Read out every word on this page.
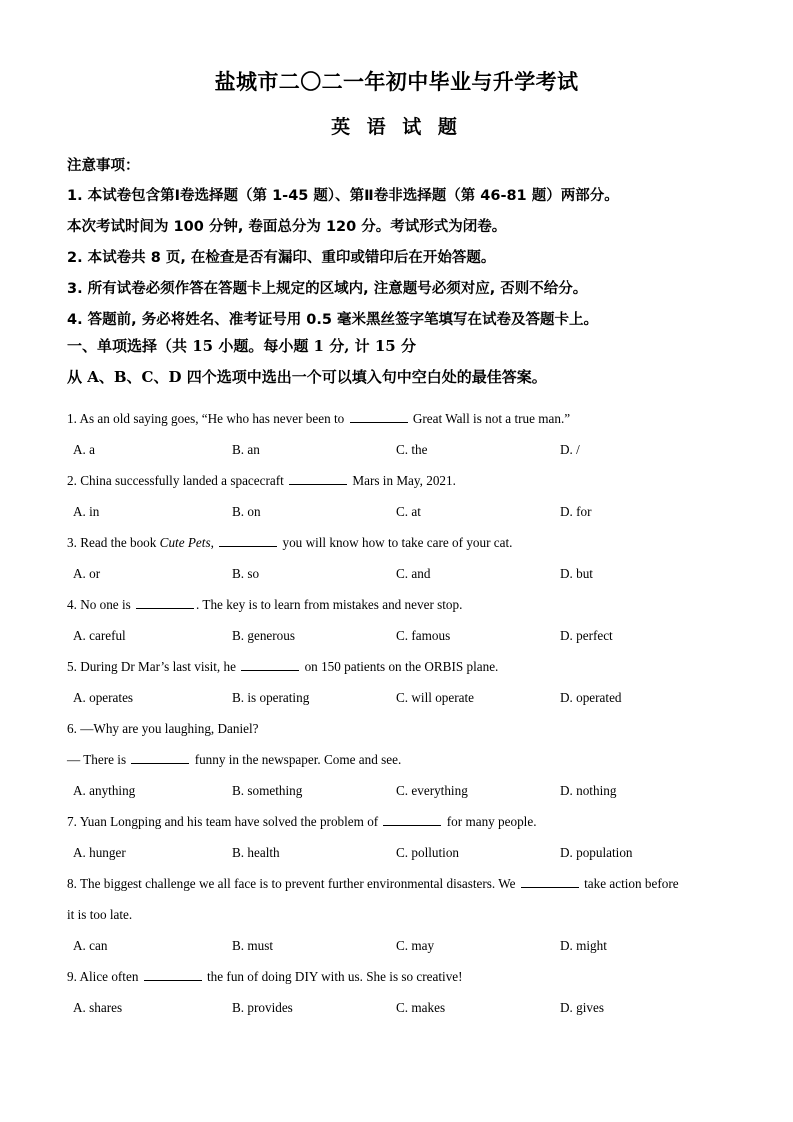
盐城市二〇二一年初中毕业与升学考试
英 语 试 题
注意事项：
1. 本试卷包含第Ⅰ卷选择题（第 1-45 题）、第Ⅱ卷非选择题（第 46-81 题）两部分。
本次考试时间为 100 分钟, 卷面总分为 120 分。考试形式为闭卷。
2. 本试卷共 8 页, 在检查是否有漏印、重印或错印后在开始答题。
3. 所有试卷必须作答在答题卡上规定的区域内, 注意题号必须对应, 否则不给分。
4. 答题前, 务必将姓名、准考证号用 0.5 毫米黑丝签字笔填写在试卷及答题卡上。
一、单项选择（共 15 小题。每小题 1 分, 计 15 分
从 A、B、C、D 四个选项中选出一个可以填入句中空白处的最佳答案。
1. As an old saying goes, “He who has never been to	Great Wall is not a true man.”
A. a	B. an	C. the	D. /
2. China successfully landed a spacecraft	Mars in May, 2021.
A. in	B. on	C. at	D. for
3. Read the book Cute Pets,	you will know how to take care of your cat.
A. or	B. so	C. and	D. but
4. No one is	. The key is to learn from mistakes and never stop.
A. careful	B. generous	C. famous	D. perfect
5. During Dr Mar’s last visit, he	on 150 patients on the ORBIS plane.
A. operates	B. is operating	C. will operate	D. operated
6. —Why are you laughing, Daniel?
— There is	funny in the newspaper. Come and see.
A. anything	B. something	C. everything	D. nothing
7. Yuan Longping and his team have solved the problem of	for many people.
A. hunger	B. health	C. pollution	D. population
8. The biggest challenge we all face is to prevent further environmental disasters. We	take action before
it is too late.
A. can	B. must	C. may	D. might
9. Alice often	the fun of doing DIY with us. She is so creative!
A. shares	B. provides	C. makes	D. gives
